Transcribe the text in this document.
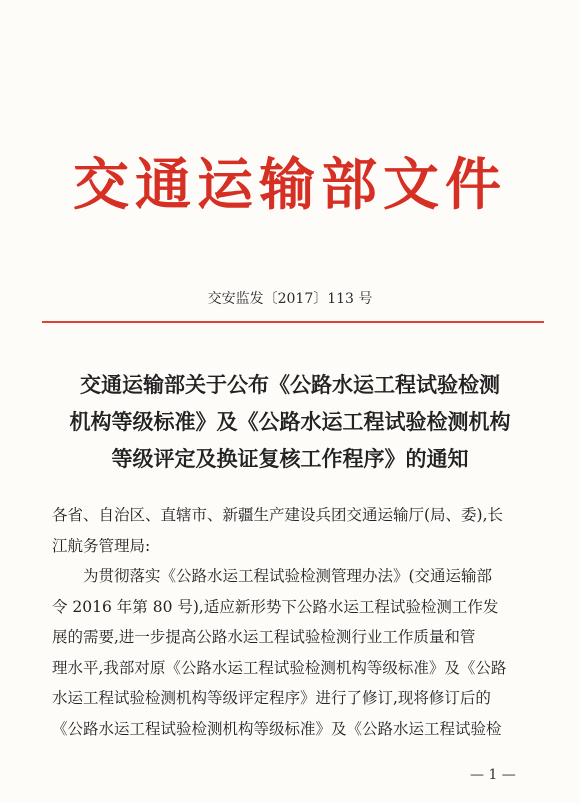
交通运输部文件
交安监发〔2017〕113 号
交通运输部关于公布《公路水运工程试验检测
机构等级标准》及《公路水运工程试验检测机构
等级评定及换证复核工作程序》的通知
各省、自治区、直辖市、新疆生产建设兵团交通运输厅(局、委),长
江航务管理局:
为贯彻落实《公路水运工程试验检测管理办法》(交通运输部
令 2016 年第 80 号),适应新形势下公路水运工程试验检测工作发
展的需要,进一步提高公路水运工程试验检测行业工作质量和管
理水平,我部对原《公路水运工程试验检测机构等级标准》及《公路
水运工程试验检测机构等级评定程序》进行了修订,现将修订后的
《公路水运工程试验检测机构等级标准》及《公路水运工程试验检
— 1 —
